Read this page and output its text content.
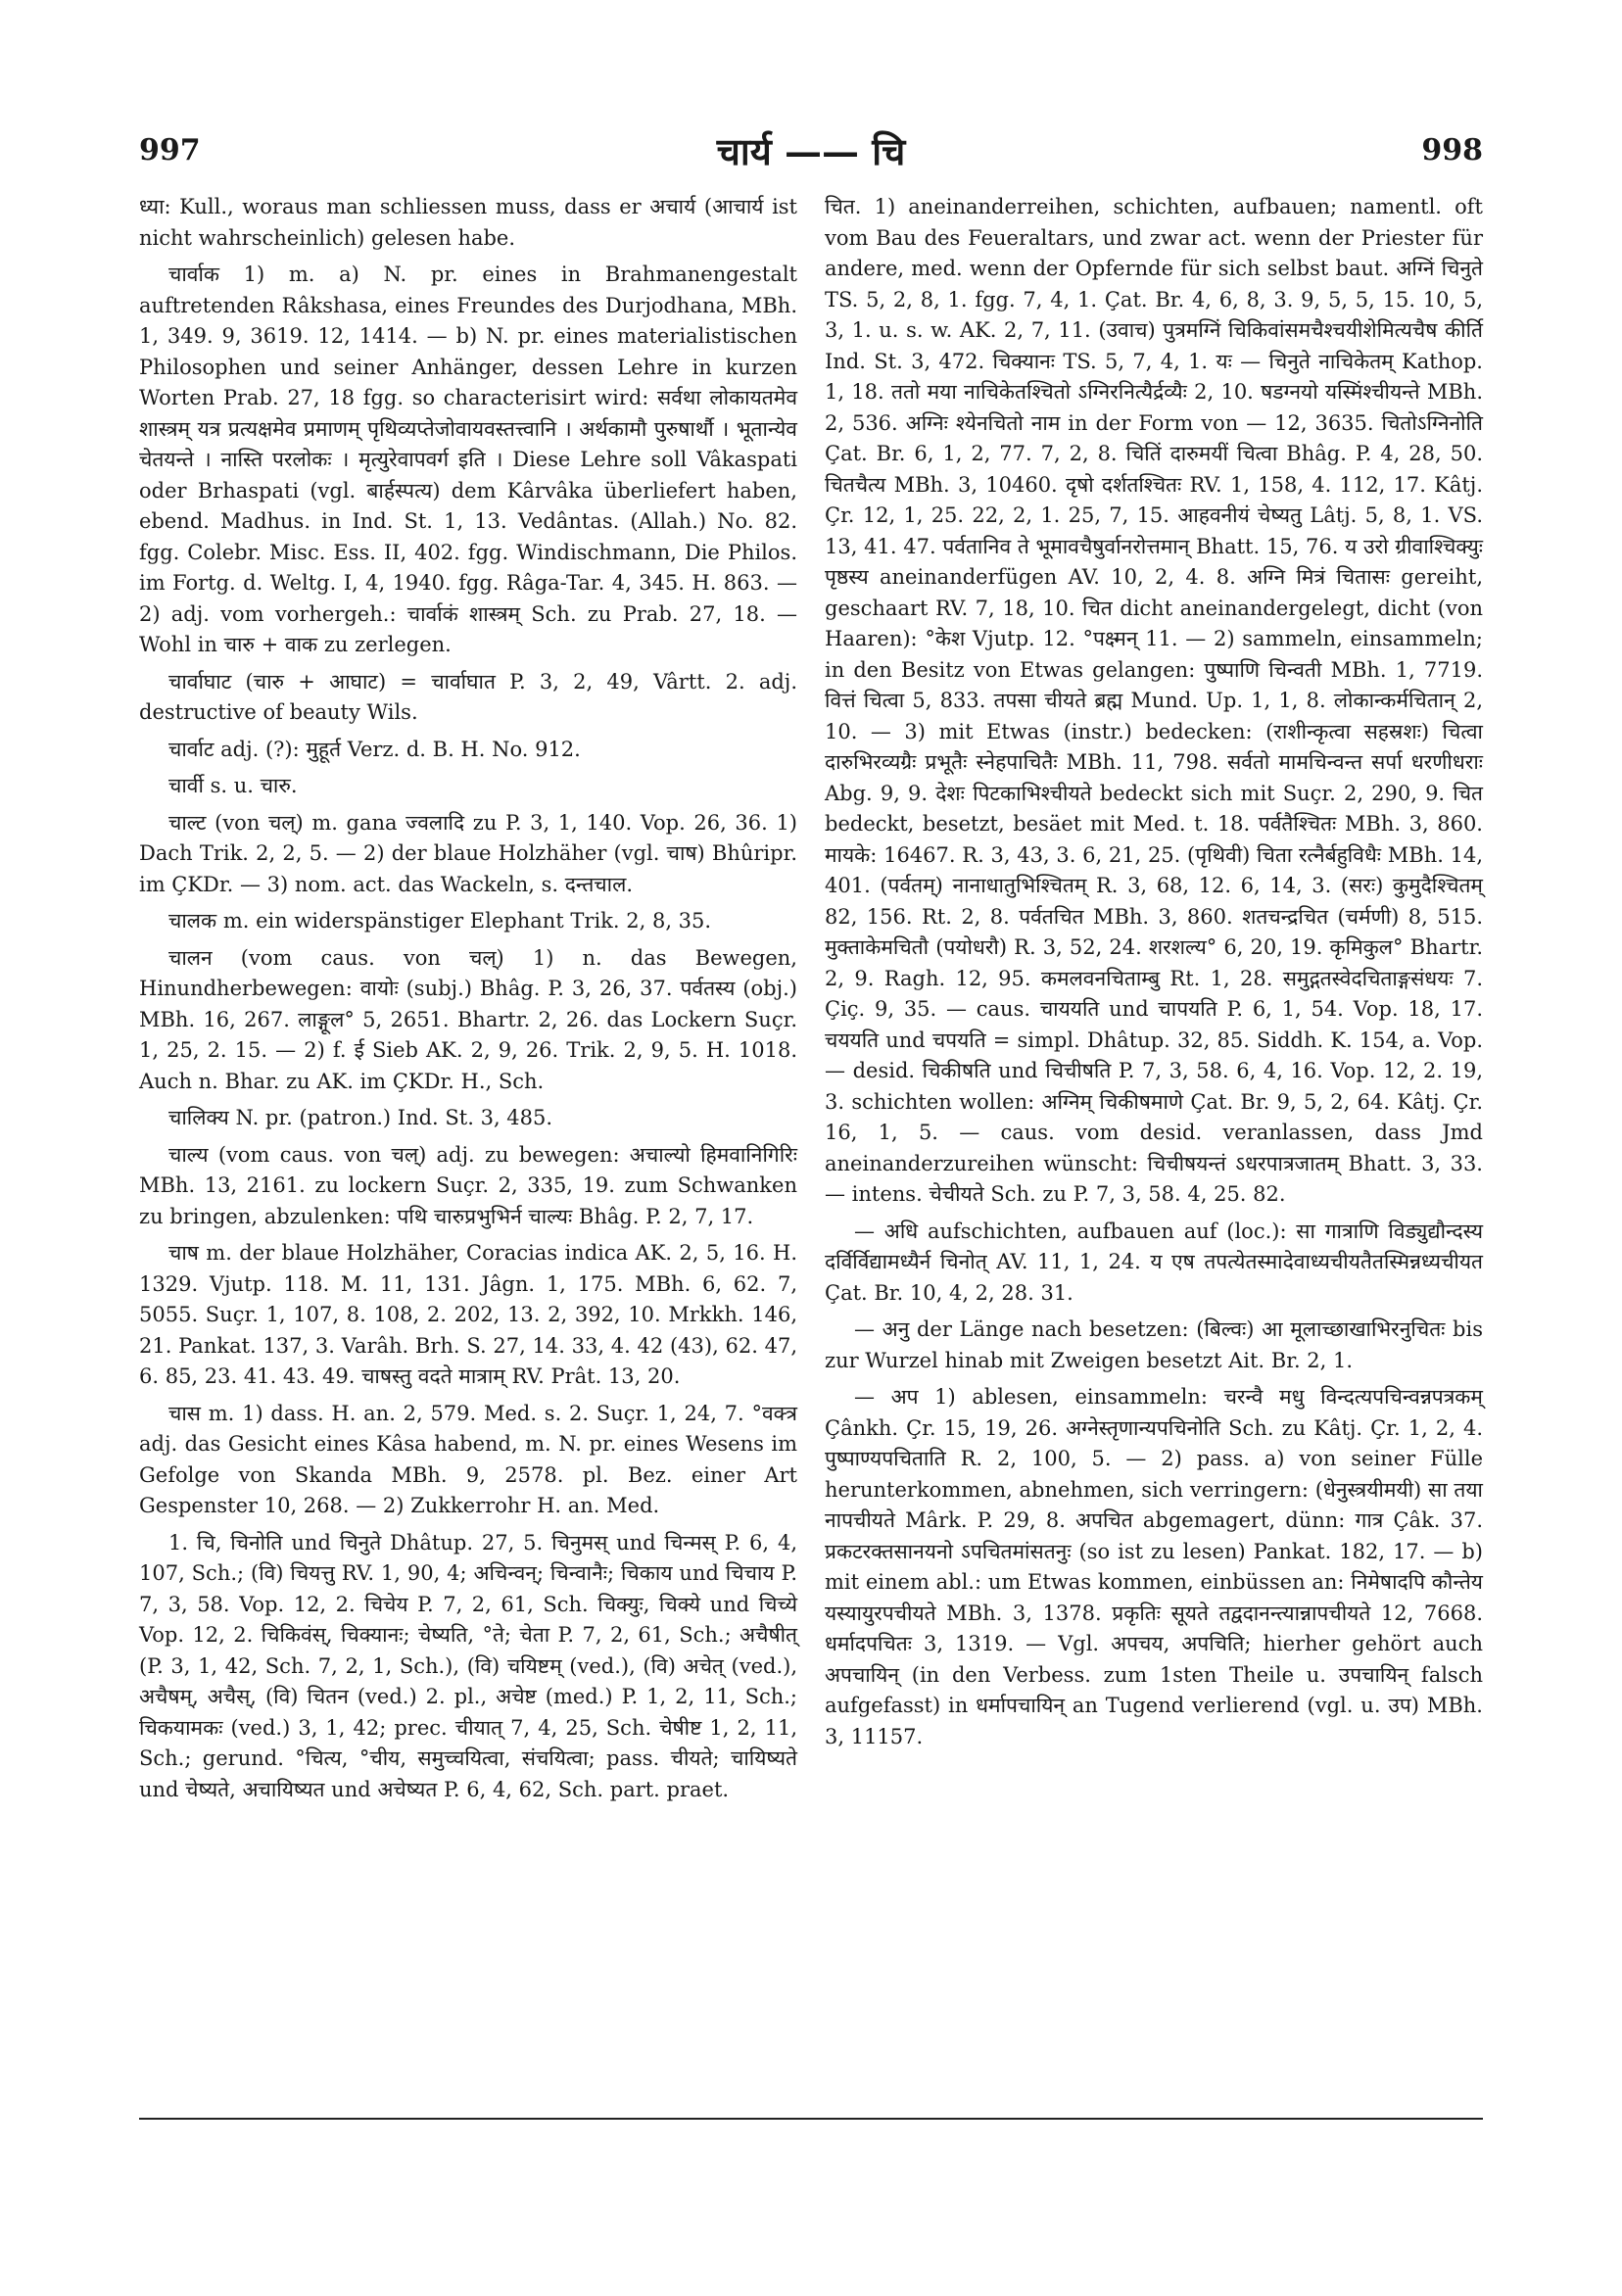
997	चार्य —— चि	998

ध्या: Kull., woraus man schliessen muss, dass er अचार्य (आचार्य ist nicht wahrscheinlich) gelesen habe.

चार्वाक 1) m. a) N. pr. eines in Brahmanengestalt auftretenden Râkshasa, eines Freundes des Durjodhana, MBh. 1, 349. 9, 3619. 12, 1414. — b) N. pr. eines materialistischen Philosophen und seiner Anhänger, dessen Lehre in kurzen Worten Prab. 27, 18 fgg. so characterisirt wird: सर्वथा लोकायतमेव शास्त्रम् यत्र प्रत्यक्षमेव प्रमाणम् पृथिव्यप्तेजोवायवस्तत्त्वानि । अर्थकामौ पुरुषार्थौ । भूतान्येव चेतयन्ते । नास्ति परलोकः । मृत्युरेवापवर्ग इति । Diese Lehre soll Vâkaspati oder Brhaspati (vgl. बार्हस्पत्य) dem Kârvâka überliefert haben, ebend. Madhus. in Ind. St. 1, 13. Vedântas. (Allah.) No. 82. fgg. Colebr. Misc. Ess. II, 402. fgg. Windischmann, Die Philos. im Fortg. d. Weltg. I, 4, 1940. fgg. Râga-Tar. 4, 345. H. 863. — 2) adj. vom vorhergeh.: चार्वाकं शास्त्रम् Sch. zu Prab. 27, 18. — Wohl in चारु + वाक zu zerlegen.

चार्वाघाट (चारु + आघाट) = चार्वाघात P. 3, 2, 49, Vârtt. 2. adj. destructive of beauty Wils.

चार्वाट adj. (?): मुहूर्त Verz. d. B. H. No. 912.

चार्वी s. u. चारु.

चाल्ट (von चल्) m. gana ज्वलादि zu P. 3, 1, 140. Vop. 26, 36. 1) Dach Trik. 2, 2, 5. — 2) der blaue Holzhäher (vgl. चाष) Bhûripr. im ÇKDr. — 3) nom. act. das Wackeln, s. दन्तचाल.

चालक m. ein widerspänstiger Elephant Trik. 2, 8, 35.

चालन (vom caus. von चल्) 1) n. das Bewegen, Hinundherbewegen: वायोः (subj.) Bhâg. P. 3, 26, 37. पर्वतस्य (obj.) MBh. 16, 267. लाङ्गूल° 5, 2651. Bhartr. 2, 26. das Lockern Suçr. 1, 25, 2. 15. — 2) f. ई Sieb AK. 2, 9, 26. Trik. 2, 9, 5. H. 1018. Auch n. Bhar. zu AK. im ÇKDr. H., Sch.

चालिक्य N. pr. (patron.) Ind. St. 3, 485.

चाल्य (vom caus. von चल्) adj. zu bewegen: अचाल्यो हिमवानिगिरिः MBh. 13, 2161. zu lockern Suçr. 2, 335, 19. zum Schwanken zu bringen, abzulenken: पथि चारुप्रभुभिर्न चाल्यः Bhâg. P. 2, 7, 17.

चाष m. der blaue Holzhäher, Coracias indica AK. 2, 5, 16. H. 1329. Vjutp. 118. M. 11, 131. Jâgn. 1, 175. MBh. 6, 62. 7, 5055. Suçr. 1, 107, 8. 108, 2. 202, 13. 2, 392, 10. Mrkkh. 146, 21. Pankat. 137, 3. Varâh. Brh. S. 27, 14. 33, 4. 42 (43), 62. 47, 6. 85, 23. 41. 43. 49. चाषस्तु वदते मात्राम् RV. Prât. 13, 20.

चास m. 1) dass. H. an. 2, 579. Med. s. 2. Suçr. 1, 24, 7. °वक्त्र adj. das Gesicht eines Kâsa habend, m. N. pr. eines Wesens im Gefolge von Skanda MBh. 9, 2578. pl. Bez. einer Art Gespenster 10, 268. — 2) Zukkerrohr H. an. Med.

1. चि, चिनोति und चिनुते Dhâtup. 27, 5. चिनुमस् und चिन्मस् P. 6, 4, 107, Sch.; (वि) चियत्तु RV. 1, 90, 4; अचिन्वन्; चिन्वानैः; चिकाय und चिचाय P. 7, 3, 58. Vop. 12, 2. चिचेय P. 7, 2, 61, Sch. चिक्युः, चिक्ये und चिच्ये Vop. 12, 2. चिकिवंस्, चिक्यानः; चेष्यति, °ते; चेता P. 7, 2, 61, Sch.; अचैषीत् (P. 3, 1, 42, Sch. 7, 2, 1, Sch.), (वि) चयिष्टम् (ved.), (वि) अचेत् (ved.), अचैषम्, अचैस्, (वि) चितन (ved.) 2. pl., अचेष्ट (med.) P. 1, 2, 11, Sch.; चिकयामकः (ved.) 3, 1, 42; prec. चीयात् 7, 4, 25, Sch. चेषीष्ट 1, 2, 11, Sch.; gerund. °चित्य, °चीय, समुच्चयित्वा, संचयित्वा; pass. चीयते; चायिष्यते und चेष्यते, अचायिष्यत und अचेष्यत P. 6, 4, 62, Sch. part. praet.

चित. 1) aneinanderreihen, schichten, aufbauen; namentl. oft vom Bau des Feueraltars, und zwar act. wenn der Priester für andere, med. wenn der Opfernde für sich selbst baut. अग्निं चिनुते TS. 5, 2, 8, 1. fgg. 7, 4, 1. Çat. Br. 4, 6, 8, 3. 9, 5, 5, 15. 10, 5, 3, 1. u. s. w. AK. 2, 7, 11. (उवाच) पुत्रमग्निं चिकिवांसमचैश्चयीशेमित्यचैष कीर्ति Ind. St. 3, 472. चिक्यानः TS. 5, 7, 4, 1. यः — चिनुते नाचिकेतम् Kathop. 1, 18. ततो मया नाचिकेतश्चितो ऽग्निरनित्यैर्द्रव्यैः 2, 10. षडग्नयो यस्मिंश्चीयन्ते MBh. 2, 536. अग्निः श्येनचितो नाम in der Form von — 12, 3635. चितोऽग्निनोति Çat. Br. 6, 1, 2, 77. 7, 2, 8. चितिं दारुमयीं चित्वा Bhâg. P. 4, 28, 50. चितचैत्य MBh. 3, 10460. दृषो दर्शतश्चितः RV. 1, 158, 4. 112, 17. Kâtj. Çr. 12, 1, 25. 22, 2, 1. 25, 7, 15. आहवनीयं चेष्यतु Lâtj. 5, 8, 1. VS. 13, 41. 47. पर्वतानिव ते भूमावचैषुर्वानरोत्तमान् Bhatt. 15, 76. य उरो ग्रीवाश्चिक्युः पृष्ठस्य aneinanderfügen AV. 10, 2, 4. 8. अग्नि मित्रं चितासः gereiht, geschaart RV. 7, 18, 10. चित dicht aneinandergelegt, dicht (von Haaren): °केश Vjutp. 12. °पक्ष्मन् 11. — 2) sammeln, einsammeln; in den Besitz von Etwas gelangen: पुष्पाणि चिन्वती MBh. 1, 7719. वित्तं चित्वा 5, 833. तपसा चीयते ब्रह्म Mund. Up. 1, 1, 8. लोकान्कर्मचितान् 2, 10. — 3) mit Etwas (instr.) bedecken: (राशीन्कृत्वा सहस्रशः) चित्वा दारुभिरव्यग्रैः प्रभूतैः स्नेहपाचितैः MBh. 11, 798. सर्वतो मामचिन्वन्त सर्पा धरणीधराः Abg. 9, 9. देशः पिटकाभिश्चीयते bedeckt sich mit Suçr. 2, 290, 9. चित bedeckt, besetzt, besäet mit Med. t. 18. पर्वतैश्चितः MBh. 3, 860. मायके: 16467. R. 3, 43, 3. 6, 21, 25. (पृथिवी) चिता रत्नैर्बहुविधैः MBh. 14, 401. (पर्वतम्) नानाधातुभिश्चितम् R. 3, 68, 12. 6, 14, 3. (सरः) कुमुदैश्चितम् 82, 156. Rt. 2, 8. पर्वतचित MBh. 3, 860. शतचन्द्रचित (चर्मणी) 8, 515. मुक्ताकेमचितौ (पयोधरौ) R. 3, 52, 24. शरशल्य° 6, 20, 19. कृमिकुल° Bhartr. 2, 9. Ragh. 12, 95. कमलवनचिताम्बु Rt. 1, 28. समुद्गतस्वेदचिताङ्गसंधयः 7. Çiç. 9, 35. — caus. चाययति und चापयति P. 6, 1, 54. Vop. 18, 17. चययति und चपयति = simpl. Dhâtup. 32, 85. Siddh. K. 154, a. Vop. — desid. चिकीषति und चिचीषति P. 7, 3, 58. 6, 4, 16. Vop. 12, 2. 19, 3. schichten wollen: अग्निम् चिकीषमाणे Çat. Br. 9, 5, 2, 64. Kâtj. Çr. 16, 1, 5. — caus. vom desid. veranlassen, dass Jmd aneinanderzureihen wünscht: चिचीषयन्तं ऽधरपात्रजातम् Bhatt. 3, 33. — intens. चेचीयते Sch. zu P. 7, 3, 58. 4, 25. 82.

— अधि aufschichten, aufbauen auf (loc.): सा गात्राणि विड्युद्यौन्दस्य दर्विर्विद्यामध्यैर्न चिनोत् AV. 11, 1, 24. य एष तपत्येतस्मादेवाध्यचीयतैतस्मिन्नध्यचीयत Çat. Br. 10, 4, 2, 28. 31.

— अनु der Länge nach besetzen: (बिल्वः) आ मूलाच्छाखाभिरनुचितः bis zur Wurzel hinab mit Zweigen besetzt Ait. Br. 2, 1.

— अप 1) ablesen, einsammeln: चरन्वै मधु विन्दत्यपचिन्वन्नपत्रकम् Çânkh. Çr. 15, 19, 26. अग्नेस्तृणान्यपचिनोति Sch. zu Kâtj. Çr. 1, 2, 4. पुष्पाण्यपचिताति R. 2, 100, 5. — 2) pass. a) von seiner Fülle herunterkommen, abnehmen, sich verringern: (धेनुस्त्रयीमयी) सा तया नापचीयते Mârk. P. 29, 8. अपचित abgemagert, dünn: गात्र Çâk. 37. प्रकटरक्तसानयनो ऽपचितमांसतनुः (so ist zu lesen) Pankat. 182, 17. — b) mit einem abl.: um Etwas kommen, einbüssen an: निमेषादपि कौन्तेय यस्यायुरपचीयते MBh. 3, 1378. प्रकृतिः सूयते तद्वदानन्त्यान्नापचीयते 12, 7668. धर्मादपचितः 3, 1319. — Vgl. अपचय, अपचिति; hierher gehört auch अपचायिन् (in den Verbess. zum 1sten Theile u. उपचायिन् falsch aufgefasst) in धर्मापचायिन् an Tugend verlierend (vgl. u. उप) MBh. 3, 11157.
